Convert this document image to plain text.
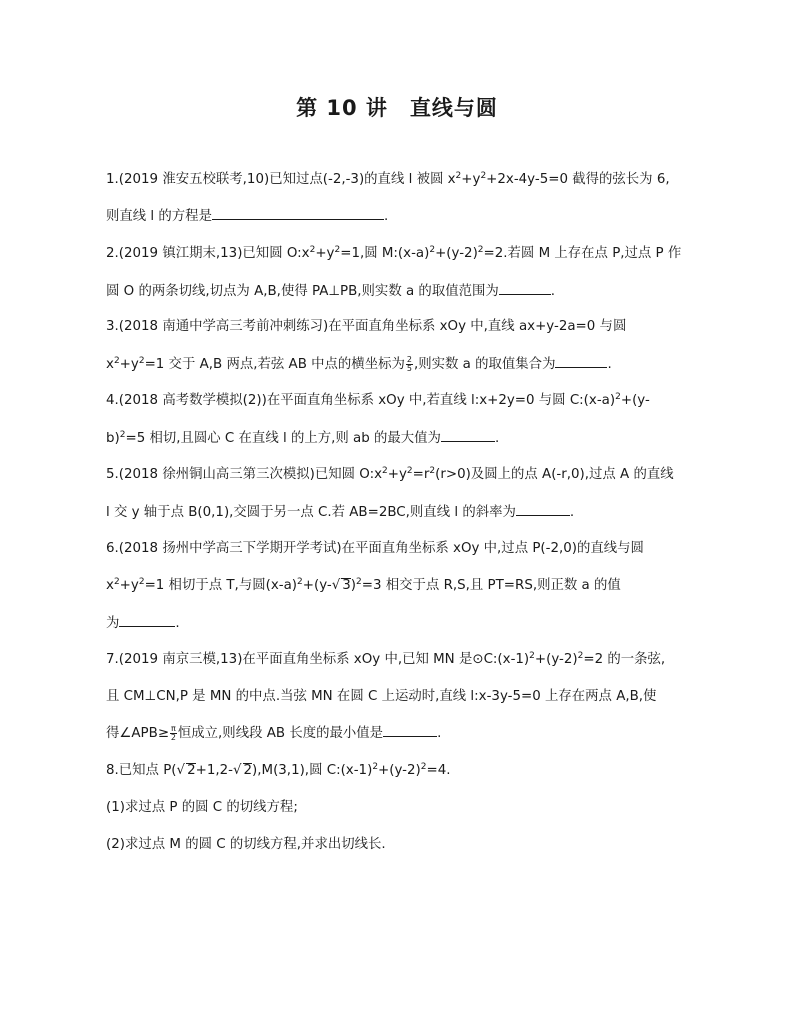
第 10 讲　直线与圆
1.(2019 淮安五校联考,10)已知过点(-2,-3)的直线 l 被圆 $x^2+y^2+2x-4y-5=0$ 截得的弦长为 6,
则直线 l 的方程是	.
2.(2019 镇江期末,13)已知圆 $O:x^2+y^2=1$,圆 $M:(x-a)^2+(y-2)^2=2$.若圆 M 上存在点 P,过点 P 作
圆 O 的两条切线,切点为 A,B,使得 PA⊥PB,则实数 a 的取值范围为	.
3.(2018 南通中学高三考前冲刺练习)在平面直角坐标系 xOy 中,直线 ax+y-2a=0 与圆
$x^2+y^2=1$ 交于 A,B 两点,若弦 AB 中点的横坐标为 $\frac{2}{5}$ ,则实数 a 的取值集合为	.
4.(2018 高考数学模拟(2))在平面直角坐标系 xOy 中,若直线 l:x+2y=0 与圆 $C:(x-a)^2+(y-$
b)$^2$=5 相切,且圆心 C 在直线 l 的上方,则 ab 的最大值为	.
5.(2018 徐州铜山高三第三次模拟)已知圆 $O:x^2+y^2=r^2(r>0)$及圆上的点 A(-r,0),过点 A 的直线
l 交 y 轴于点 B(0,1),交圆于另一点 C.若 AB=2BC,则直线 l 的斜率为	.
6.(2018 扬州中学高三下学期开学考试)在平面直角坐标系 xOy 中,过点 P(-2,0)的直线与圆
$x^2+y^2=1$ 相切于点 T,与圆$(x-a)^2+(y-√$ 3)$^2$=3 相交于点 R,S,且 PT=RS,则正数 a 的值
为	.
7.(2019 南京三模,13)在平面直角坐标系 xOy 中,已知 MN 是$⊙C:(x-1)^2+(y-2)^2=2$ 的一条弦,
且 CM⊥CN,P 是 MN 的中点.当弦 MN 在圆 C 上运动时,直线 l:x-3y-5=0 上存在两点 A,B,使
得∠APB≥ $\frac{\pi}{2}$ 恒成立,则线段 AB 长度的最小值是	.
8.已知点 P(√ 2+1,2-√ 2),M(3,1),圆 $C:(x-1)^2+(y-2)^2=4$.
(1)求过点 P 的圆 C 的切线方程;
(2)求过点 M 的圆 C 的切线方程,并求出切线长.
